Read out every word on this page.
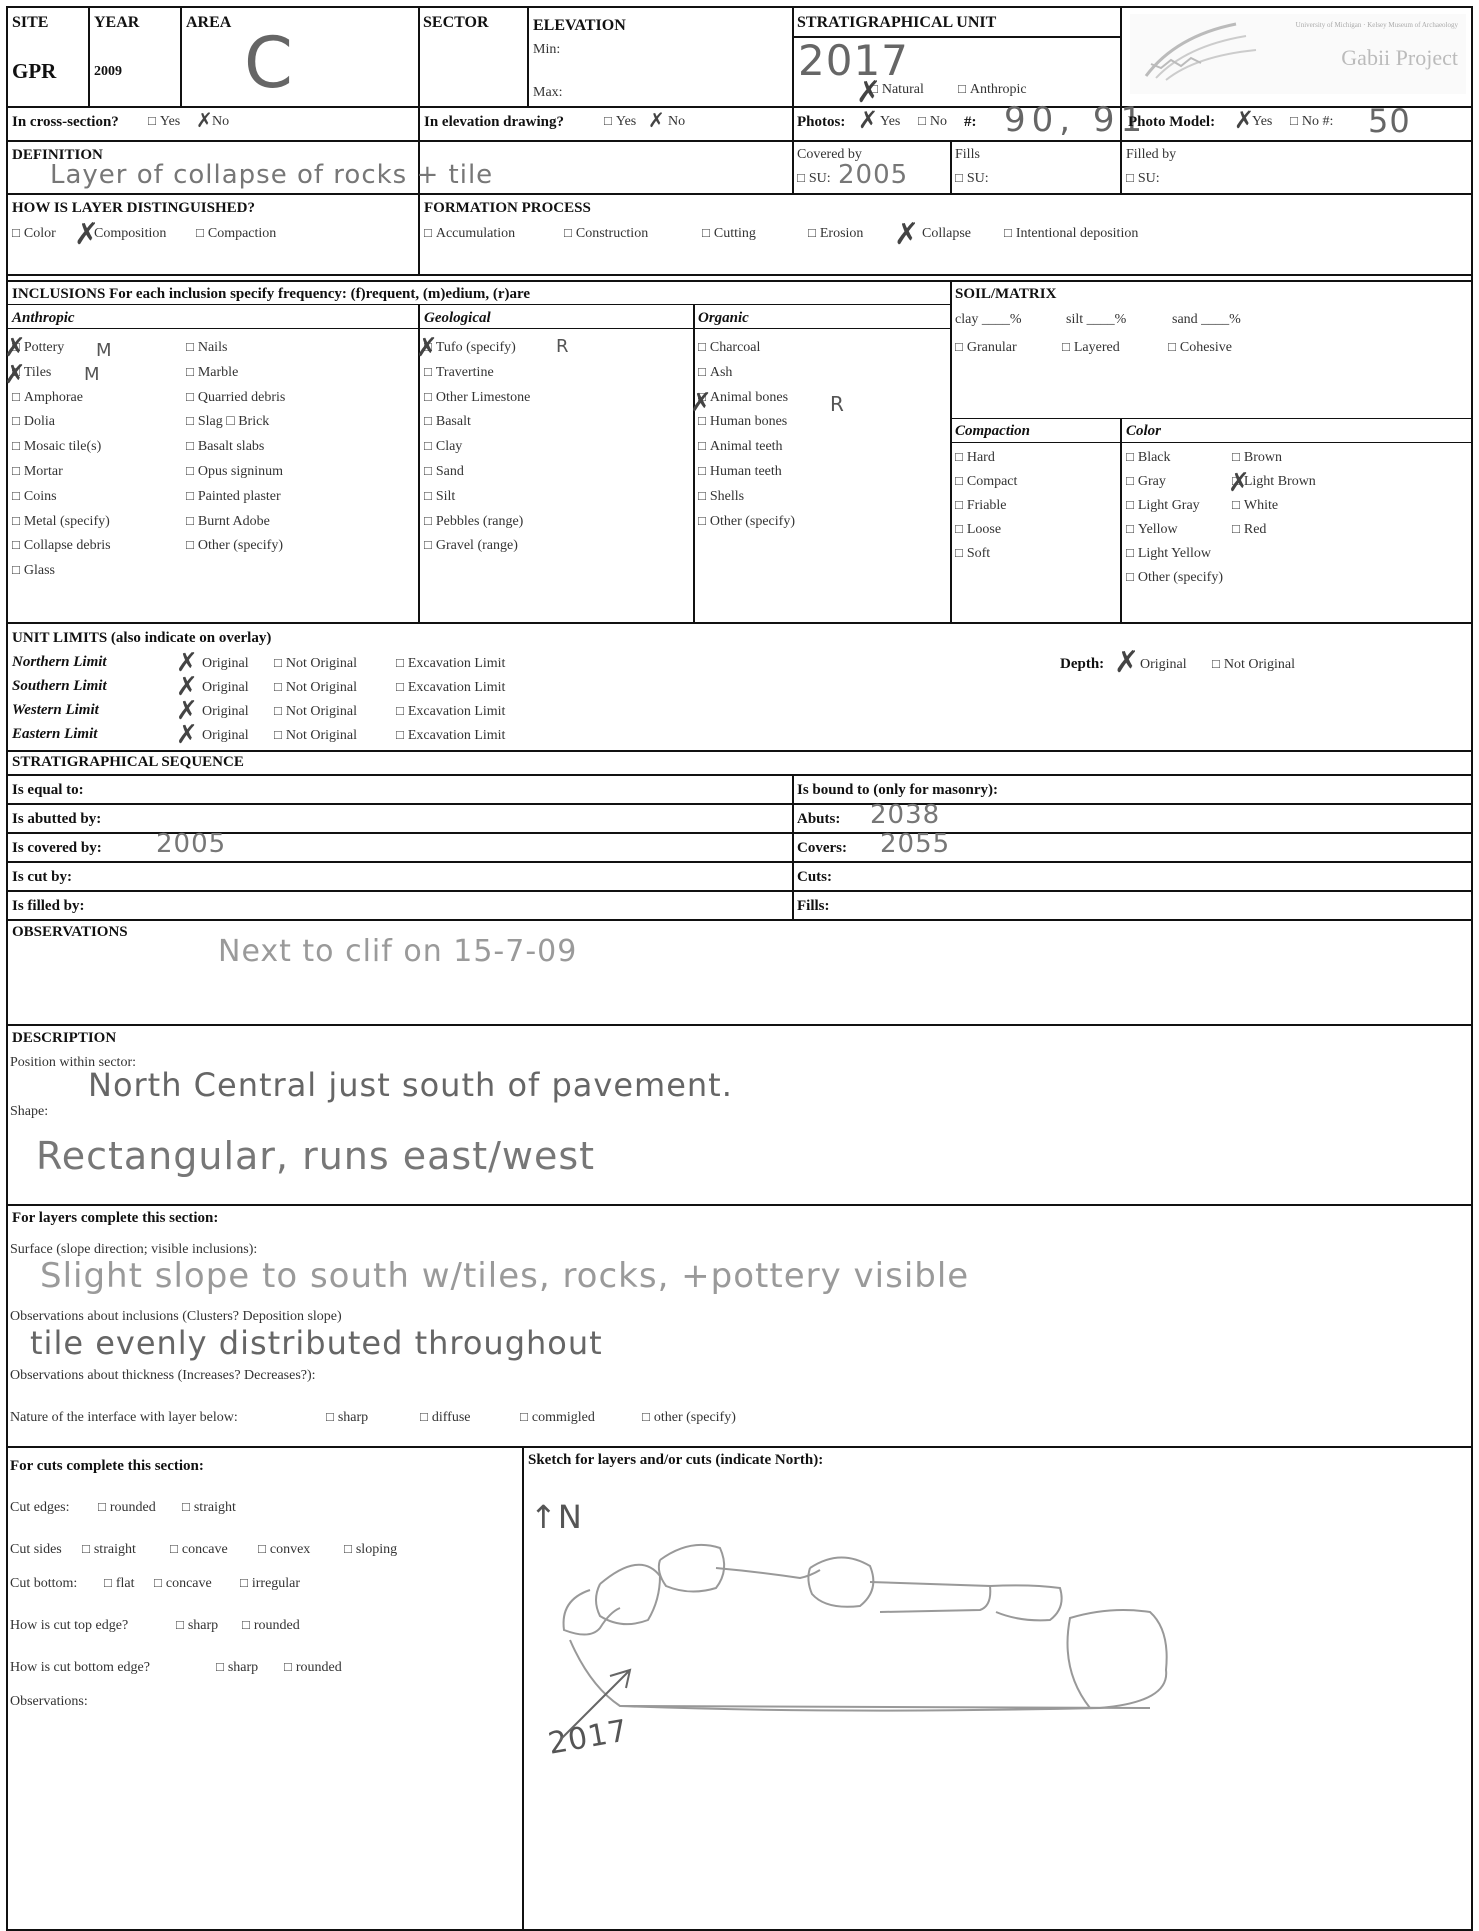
SITE
GPR
YEAR
2009
AREA C	SECTOR	ELEVATION
Min:
Max:
STRATIGRAPHICAL UNIT
2017
✗ □ Natural	□ Anthropic
University of Michigan · Kelsey Museum of Archaeology
Gabii Project
In cross-section?	□ Yes ✗ No	In elevation drawing?	□ Yes ✗ No	Photos: ✗ Yes	□ No #: 90, 91
Photo Model: ✗
Yes	□ No #: 50
DEFINITION
Layer of collapse of rocks + tile
Covered by
□ SU: 2005
Fills
□ SU:
Filled by
□ SU:
HOW IS LAYER DISTINGUISHED?
□ Color ✗
Composition	□ Compaction
FORMATION PROCESS
□ Accumulation	□ Construction	□ Cutting	□ Erosion ✗ Collapse	□ Intentional deposition
INCLUSIONS For each inclusion specify frequency: (f)requent, (m)edium, (r)are
Anthropic	Geological	Organic
□ Pottery
□ Tiles
□ Amphorae
□ Dolia
□ Mosaic tile(s)
□ Mortar
□ Coins
□ Metal (specify)
□ Collapse debris
□ Glass
□ Nails
□ Marble
□ Quarried debris
□ Slag □ Brick
□ Basalt slabs
□ Opus signinum
□ Painted plaster
□ Burnt Adobe
□ Other (specify)
□ Tufo (specify)
□ Travertine
□ Other Limestone
□ Basalt
□ Clay
□ Sand
□ Silt
□ Pebbles (range)
□ Gravel (range)
□ Charcoal
□ Ash
□ Animal bones
□ Human bones
□ Animal teeth
□ Human teeth
□ Shells
□ Other (specify)
✗
✗
✗
✗
M
M
R
R
SOIL/MATRIX
clay ____%	silt ____%	sand ____%
□ Granular	□ Layered	□ Cohesive
Compaction	Color
□ Hard
□ Compact
□ Friable
□ Loose
□ Soft
□ Black
□ Gray
□ Light Gray
□ Yellow
□ Light Yellow
□ Other (specify)
□ Brown
□ Light Brown
□ White
□ Red
✗
UNIT LIMITS (also indicate on overlay)
Northern Limit	✗ Original	□ Not Original	□ Excavation Limit
Southern Limit	✗ Original	□ Not Original	□ Excavation Limit
Western Limit	✗ Original	□ Not Original	□ Excavation Limit
Eastern Limit	✗ Original	□ Not Original	□ Excavation Limit
Depth: ✗ Original	□ Not Original
STRATIGRAPHICAL SEQUENCE
Is equal to:	Is bound to (only for masonry):
Is abutted by:	Abuts: 2038
Is covered by: 2005	Covers: 2055
Is cut by:	Cuts:
Is filled by:	Fills:
OBSERVATIONS
Next to clif on 15-7-09
DESCRIPTION
Position within sector:
North Central just south of pavement.
Shape:
Rectangular, runs east/west
For layers complete this section:
Surface (slope direction; visible inclusions):
Slight slope to south w/tiles, rocks, +pottery visible
Observations about inclusions (Clusters? Deposition slope)
tile evenly distributed throughout
Observations about thickness (Increases? Decreases?):
Nature of the interface with layer below:	□ sharp	□ diffuse	□ commigled	□ other (specify)
For cuts complete this section:
Cut edges:	□ rounded	□ straight
Cut sides	□ straight	□ concave	□ convex	□ sloping
Cut bottom:	□ flat	□ concave	□ irregular
How is cut top edge?	□ sharp	□ rounded
How is cut bottom edge?	□ sharp	□ rounded
Observations:
Sketch for layers and/or cuts (indicate North):
↑N
2017
